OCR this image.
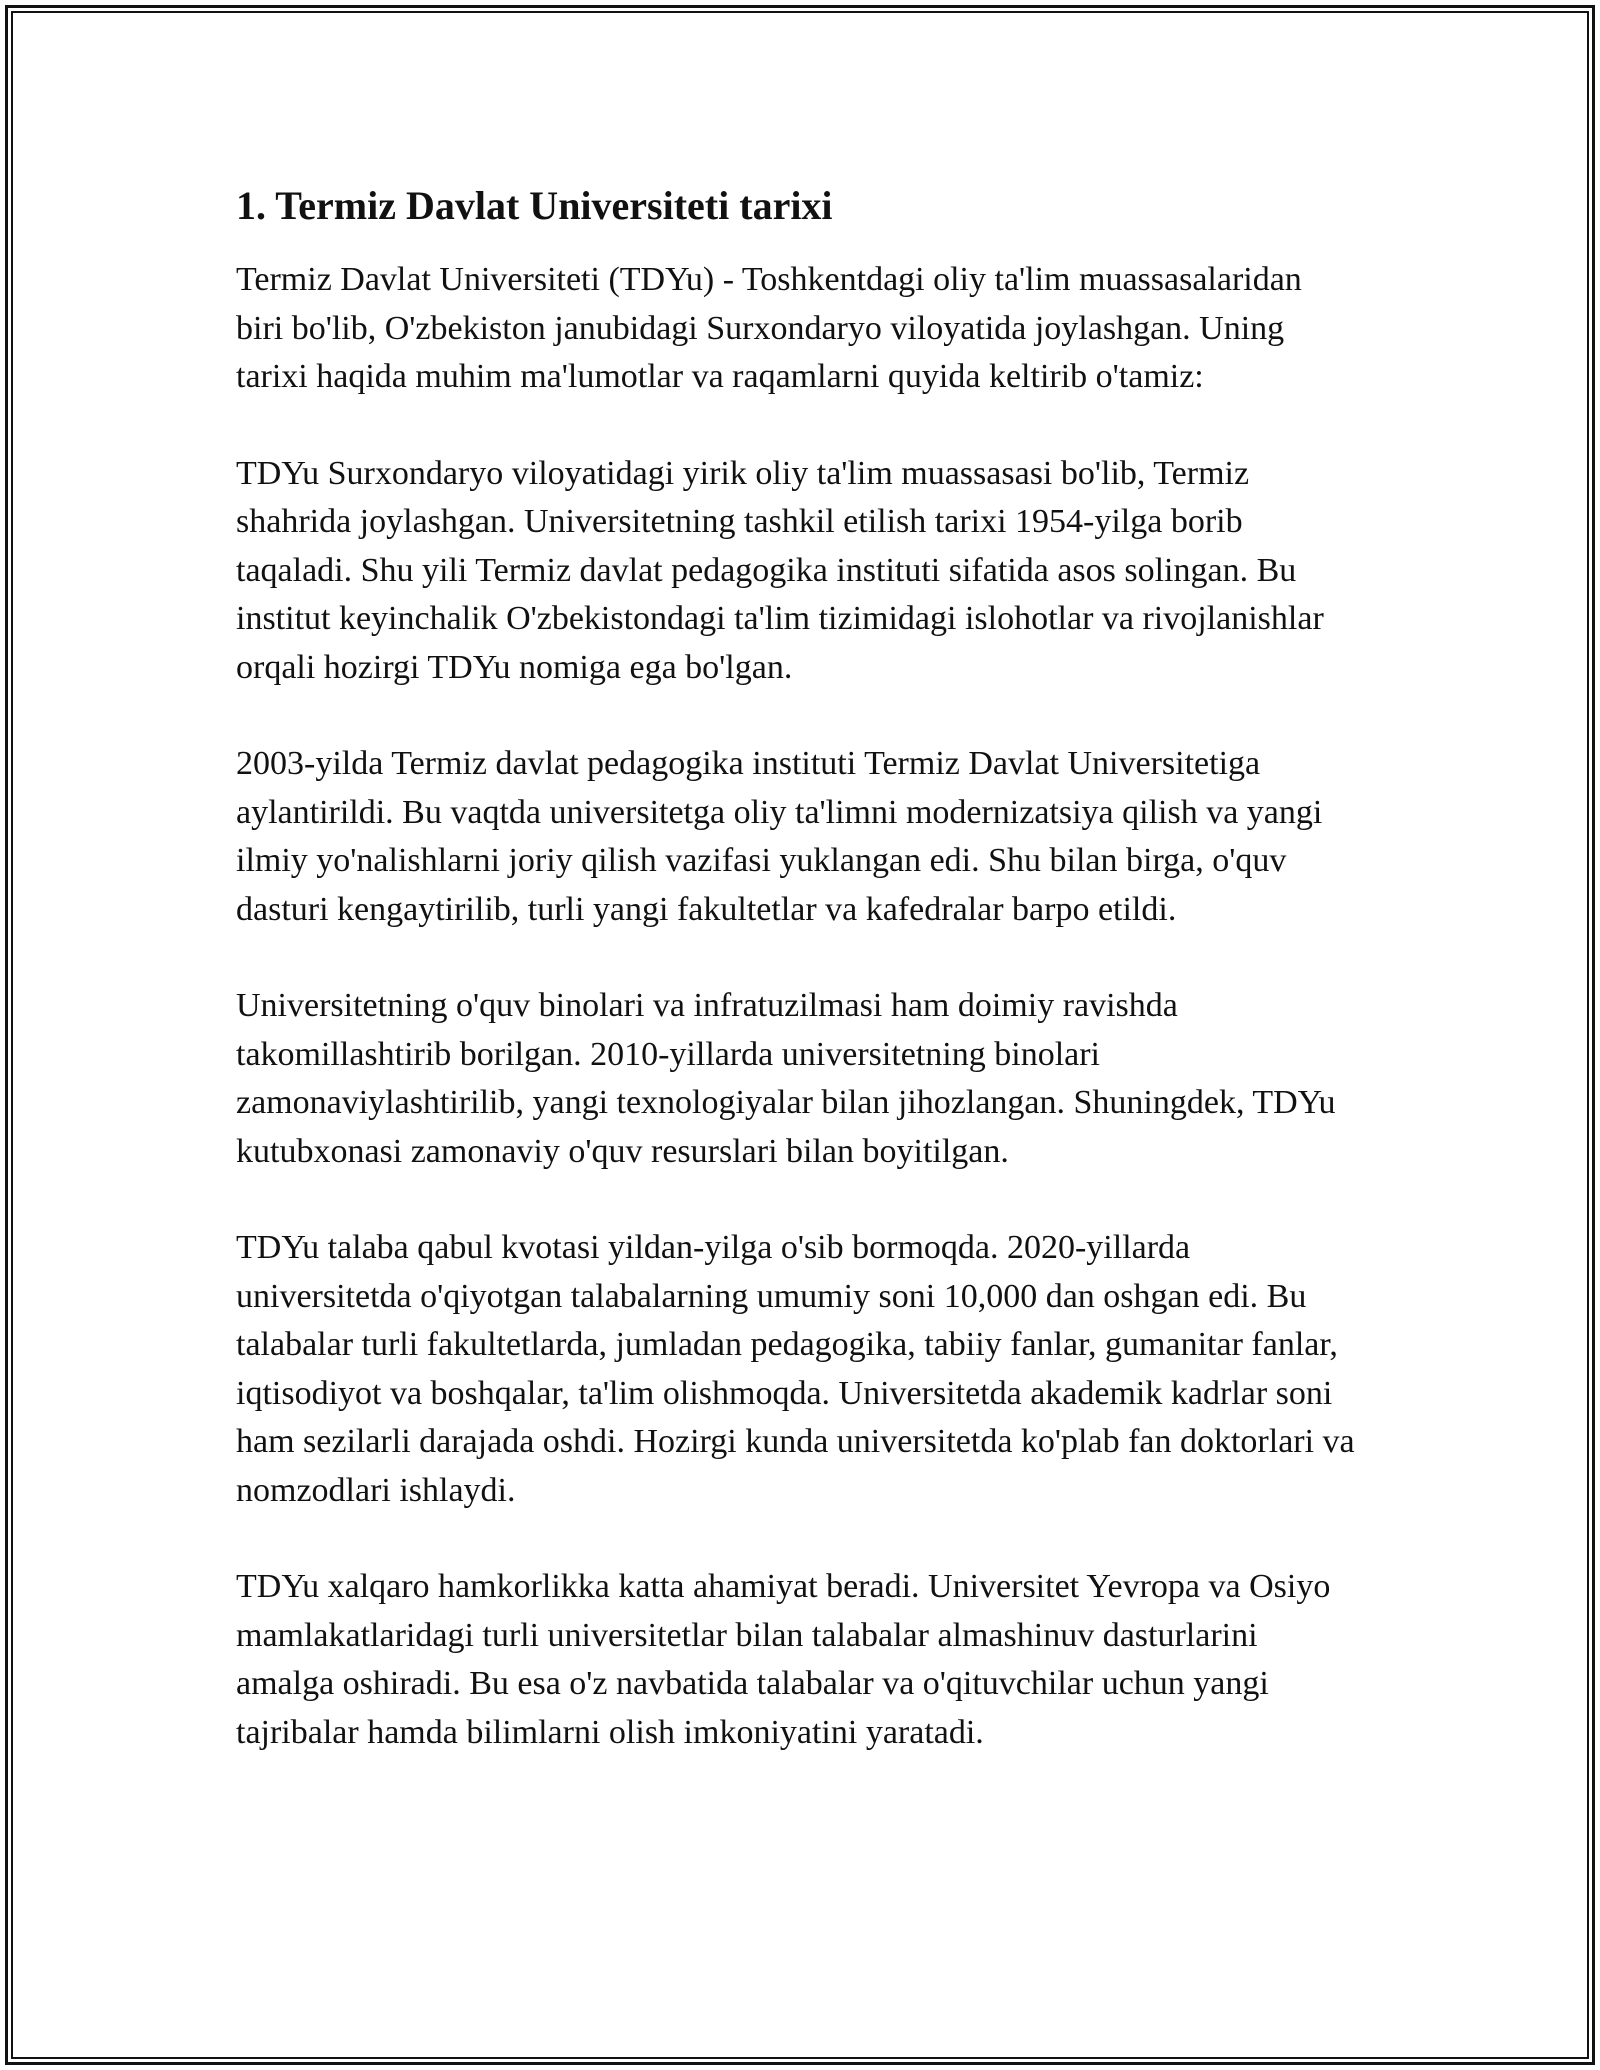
1. Termiz Davlat Universiteti tarixi

Termiz Davlat Universiteti (TDYu) - Toshkentdagi oliy ta'lim muassasalaridan biri bo'lib, O'zbekiston janubidagi Surxondaryo viloyatida joylashgan. Uning tarixi haqida muhim ma'lumotlar va raqamlarni quyida keltirib o'tamiz:

TDYu Surxondaryo viloyatidagi yirik oliy ta'lim muassasasi bo'lib, Termiz shahrida joylashgan. Universitetning tashkil etilish tarixi 1954-yilga borib taqaladi. Shu yili Termiz davlat pedagogika instituti sifatida asos solingan. Bu institut keyinchalik O'zbekistondagi ta'lim tizimidagi islohotlar va rivojlanishlar orqali hozirgi TDYu nomiga ega bo'lgan.

2003-yilda Termiz davlat pedagogika instituti Termiz Davlat Universitetiga aylantirildi. Bu vaqtda universitetga oliy ta'limni modernizatsiya qilish va yangi ilmiy yo'nalishlarni joriy qilish vazifasi yuklangan edi. Shu bilan birga, o'quv dasturi kengaytirilib, turli yangi fakultetlar va kafedralar barpo etildi.

Universitetning o'quv binolari va infratuzilmasi ham doimiy ravishda takomillashtirib borilgan. 2010-yillarda universitetning binolari zamonaviylashtirilib, yangi texnologiyalar bilan jihozlangan. Shuningdek, TDYu kutubxonasi zamonaviy o'quv resurslari bilan boyitilgan.

TDYu talaba qabul kvotasi yildan-yilga o'sib bormoqda. 2020-yillarda universitetda o'qiyotgan talabalarning umumiy soni 10,000 dan oshgan edi. Bu talabalar turli fakultetlarda, jumladan pedagogika, tabiiy fanlar, gumanitar fanlar, iqtisodiyot va boshqalar, ta'lim olishmoqda. Universitetda akademik kadrlar soni ham sezilarli darajada oshdi. Hozirgi kunda universitetda ko'plab fan doktorlari va nomzodlari ishlaydi.

TDYu xalqaro hamkorlikka katta ahamiyat beradi. Universitet Yevropa va Osiyo mamlakatlaridagi turli universitetlar bilan talabalar almashinuv dasturlarini amalga oshiradi. Bu esa o'z navbatida talabalar va o'qituvchilar uchun yangi tajribalar hamda bilimlarni olish imkoniyatini yaratadi.
